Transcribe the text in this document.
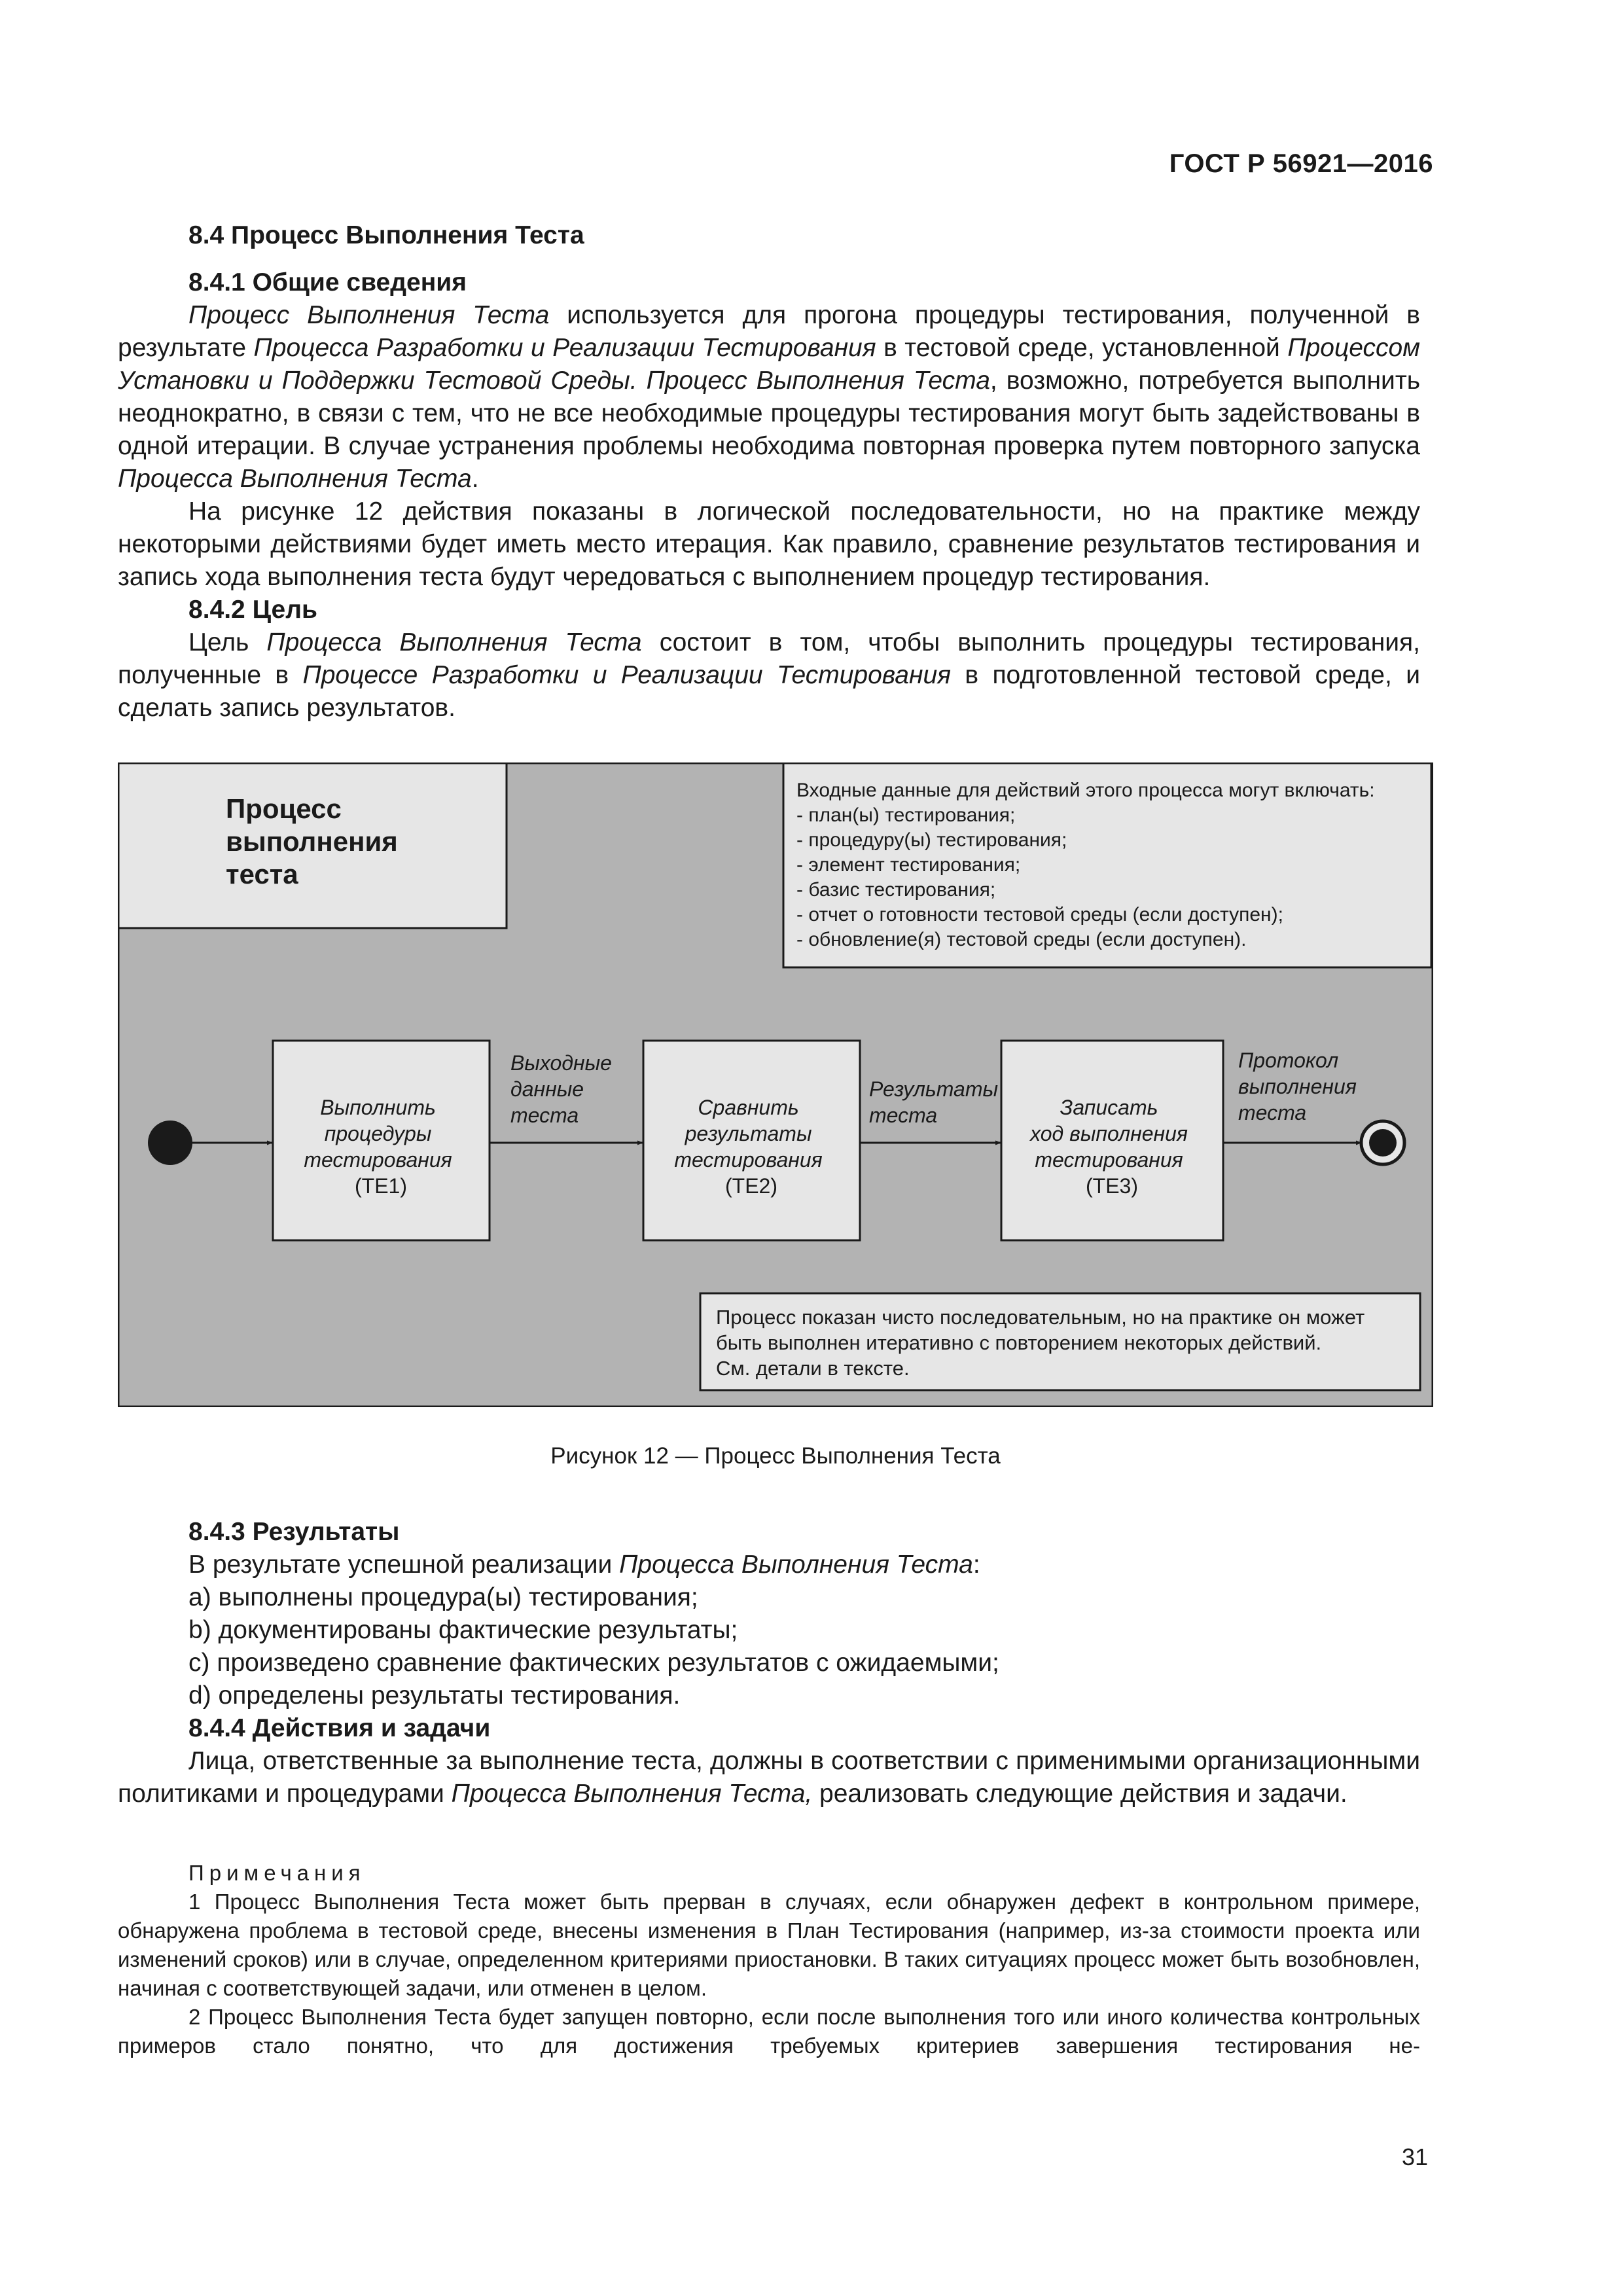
ГОСТ Р 56921—2016

8.4 Процесс Выполнения Теста

8.4.1 Общие сведения

Процесс Выполнения Теста используется для прогона процедуры тестирования, полученной в результате Процесса Разработки и Реализации Тестирования в тестовой среде, установленной Процессом Установки и Поддержки Тестовой Среды. Процесс Выполнения Теста, возможно, потребуется выполнить неоднократно, в связи с тем, что не все необходимые процедуры тестирования могут быть задействованы в одной итерации. В случае устранения проблемы необходима повторная проверка путем повторного запуска Процесса Выполнения Теста.

На рисунке 12 действия показаны в логической последовательности, но на практике между некоторыми действиями будет иметь место итерация. Как правило, сравнение результатов тестирования и запись хода выполнения теста будут чередоваться с выполнением процедур тестирования.

8.4.2 Цель

Цель Процесса Выполнения Теста состоит в том, чтобы выполнить процедуры тестирования, полученные в Процессе Разработки и Реализации Тестирования в подготовленной тестовой среде, и сделать запись результатов.

Процесс выполнения теста
Входные данные для действий этого процесса могут включать: - план(ы) тестирования; - процедуру(ы) тестирования; - элемент тестирования; - базис тестирования; - отчет о готовности тестовой среды (если доступен); - обновление(я) тестовой среды (если доступен).
Выполнить процедуры тестирования (TE1)
Выходные данные теста	Сравнить результаты тестирования (TE2)
Результаты теста	Записать ход выполнения тестирования (TE3)
Протокол выполнения теста
Процесс показан чисто последовательным, но на практике он может быть выполнен итеративно с повторением некоторых действий. См. детали в тексте.
Рисунок 12 — Процесс Выполнения Теста

8.4.3 Результаты

В результате успешной реализации Процесса Выполнения Теста:

a) выполнены процедура(ы) тестирования;

b) документированы фактические результаты;

c) произведено сравнение фактических результатов с ожидаемыми;

d) определены результаты тестирования.

8.4.4 Действия и задачи

Лица, ответственные за выполнение теста, должны в соответствии с применимыми организационными политиками и процедурами Процесса Выполнения Теста, реализовать следующие действия и задачи.

Примечания

1 Процесс Выполнения Теста может быть прерван в случаях, если обнаружен дефект в контрольном примере, обнаружена проблема в тестовой среде, внесены изменения в План Тестирования (например, из-за стоимости проекта или изменений сроков) или в случае, определенном критериями приостановки. В таких ситуациях процесс может быть возобновлен, начиная с соответствующей задачи, или отменен в целом.

2 Процесс Выполнения Теста будет запущен повторно, если после выполнения того или иного количества контрольных примеров стало понятно, что для достижения требуемых критериев завершения тестирования не-

31
